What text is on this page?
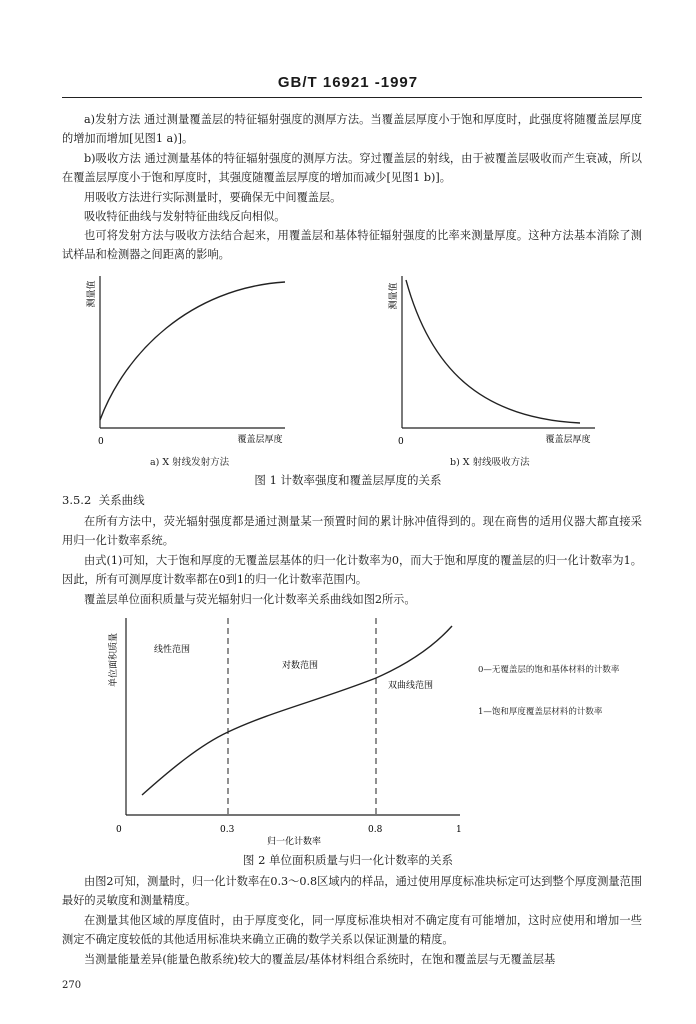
GB/T 16921 -1997

a)发射方法 通过测量覆盖层的特征辐射强度的测厚方法。当覆盖层厚度小于饱和厚度时，此强度将随覆盖层厚度的增加而增加[见图1 a)]。

b)吸收方法 通过测量基体的特征辐射强度的测厚方法。穿过覆盖层的射线，由于被覆盖层吸收而产生衰减，所以在覆盖层厚度小于饱和厚度时，其强度随覆盖层厚度的增加而减少[见图1 b)]。

用吸收方法进行实际测量时，要确保无中间覆盖层。

吸收特征曲线与发射特征曲线反向相似。

也可将发射方法与吸收方法结合起来，用覆盖层和基体特征辐射强度的比率来测量厚度。这种方法基本消除了测试样品和检测器之间距离的影响。

测量值
0	覆盖层厚度
测量值
0	覆盖层厚度
a) X 射线发射方法	b) X 射线吸收方法
图 1 计数率强度和覆盖层厚度的关系
3.5.2 关系曲线

在所有方法中，荧光辐射强度都是通过测量某一预置时间的累计脉冲值得到的。现在商售的适用仪器大都直接采用归一化计数率系统。

由式(1)可知，大于饱和厚度的无覆盖层基体的归一化计数率为0，而大于饱和厚度的覆盖层的归一化计数率为1。因此，所有可测厚度计数率都在0到1的归一化计数率范围内。

覆盖层单位面积质量与荧光辐射归一化计数率关系曲线如图2所示。

单位面积质量	线性范围
对数范围
双曲线范围
0	0.3	0.8	1
归一化计数率
0—无覆盖层的饱和基体材料的计数率
1—饱和厚度覆盖层材料的计数率
图 2 单位面积质量与归一化计数率的关系

由图2可知，测量时，归一化计数率在0.3～0.8区域内的样品，通过使用厚度标准块标定可达到整个厚度测量范围最好的灵敏度和测量精度。

在测量其他区域的厚度值时，由于厚度变化，同一厚度标准块相对不确定度有可能增加，这时应使用和增加一些测定不确定度较低的其他适用标准块来确立正确的数学关系以保证测量的精度。

当测量能量差异(能量色散系统)较大的覆盖层/基体材料组合系统时，在饱和覆盖层与无覆盖层基

270
